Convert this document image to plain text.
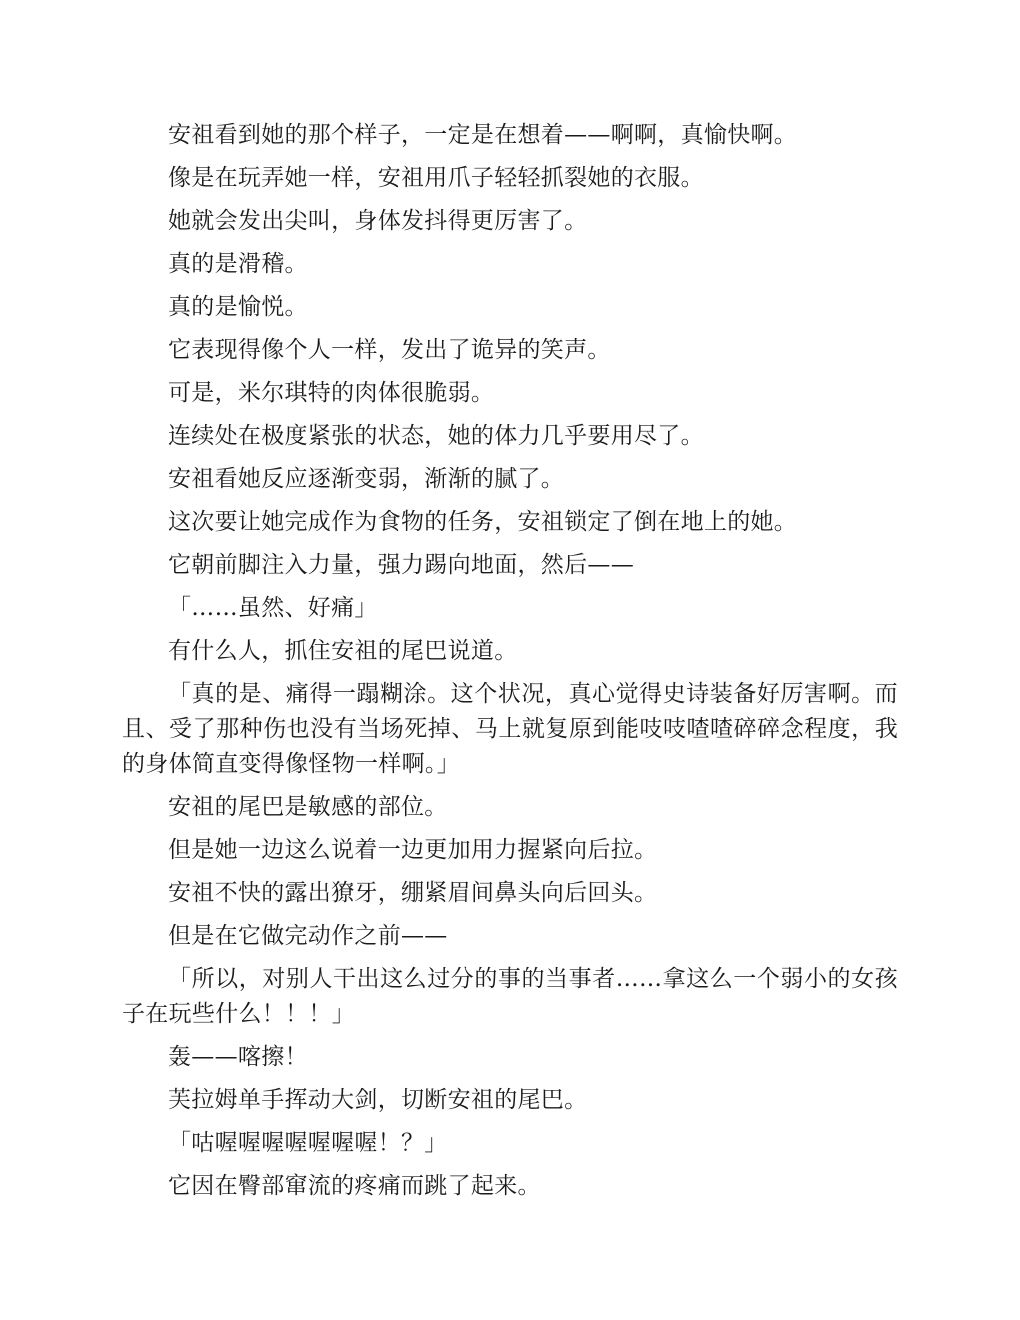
安祖看到她的那个样子，一定是在想着——啊啊，真愉快啊。

像是在玩弄她一样，安祖用爪子轻轻抓裂她的衣服。

她就会发出尖叫，身体发抖得更厉害了。

真的是滑稽。

真的是愉悦。

它表现得像个人一样，发出了诡异的笑声。

可是，米尔琪特的肉体很脆弱。

连续处在极度紧张的状态，她的体力几乎要用尽了。

安祖看她反应逐渐变弱，渐渐的腻了。

这次要让她完成作为食物的任务，安祖锁定了倒在地上的她。

它朝前脚注入力量，强力踢向地面，然后——

「……虽然、好痛」

有什么人，抓住安祖的尾巴说道。

「真的是、痛得一蹋糊涂。这个状况，真心觉得史诗装备好厉害啊。而且、受了那种伤也没有当场死掉、马上就复原到能吱吱喳喳碎碎念程度，我的身体简直变得像怪物一样啊。」

安祖的尾巴是敏感的部位。

但是她一边这么说着一边更加用力握紧向后拉。

安祖不快的露出獠牙，绷紧眉间鼻头向后回头。

但是在它做完动作之前——

「所以，对别人干出这么过分的事的当事者……拿这么一个弱小的女孩子在玩些什么！！！」

轰——喀擦！

芙拉姆单手挥动大剑，切断安祖的尾巴。

「咕喔喔喔喔喔喔喔！？」

它因在臀部窜流的疼痛而跳了起来。
